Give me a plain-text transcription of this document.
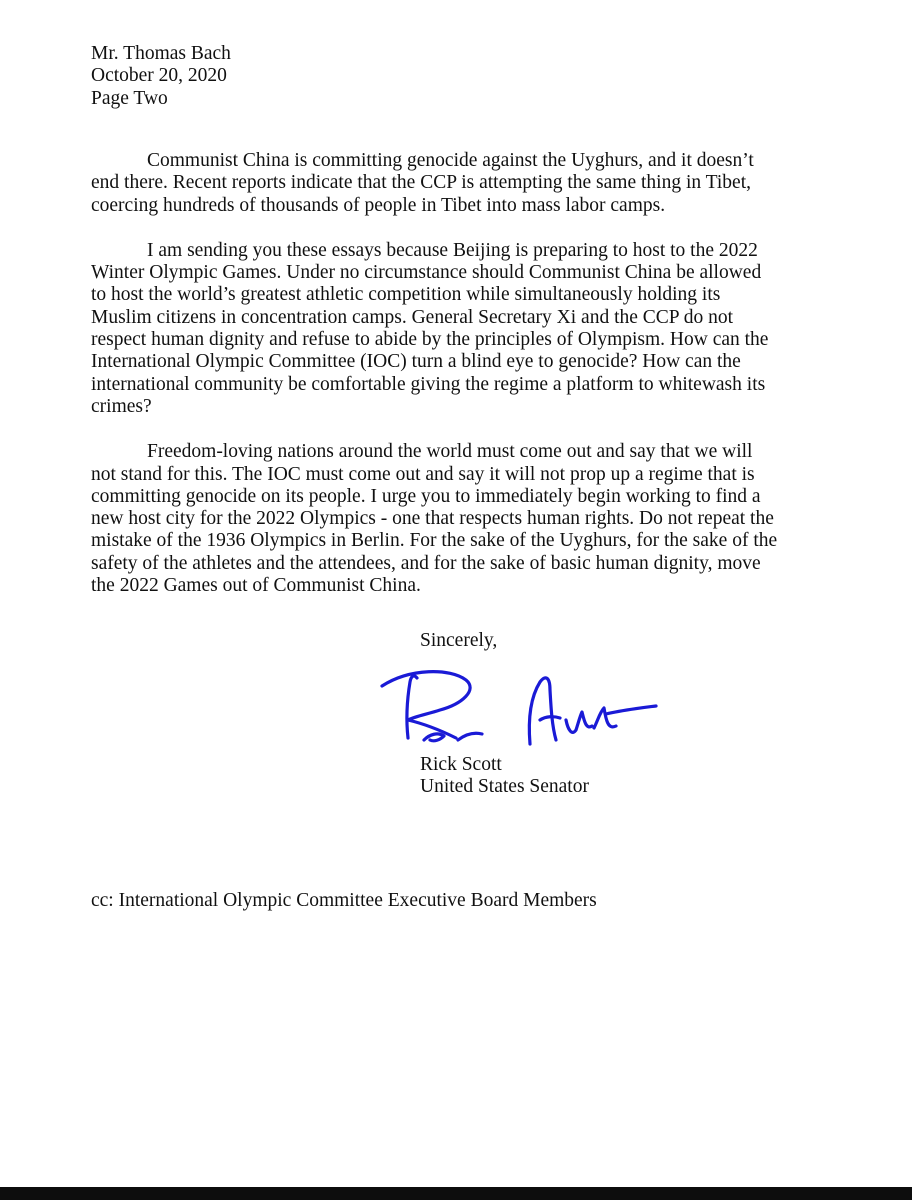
Mr. Thomas Bach
October 20, 2020
Page Two

Communist China is committing genocide against the Uyghurs, and it doesn’t
end there. Recent reports indicate that the CCP is attempting the same thing in Tibet,
coercing hundreds of thousands of people in Tibet into mass labor camps.

I am sending you these essays because Beijing is preparing to host to the 2022
Winter Olympic Games. Under no circumstance should Communist China be allowed
to host the world’s greatest athletic competition while simultaneously holding its
Muslim citizens in concentration camps. General Secretary Xi and the CCP do not
respect human dignity and refuse to abide by the principles of Olympism. How can the
International Olympic Committee (IOC) turn a blind eye to genocide? How can the
international community be comfortable giving the regime a platform to whitewash its
crimes?

Freedom-loving nations around the world must come out and say that we will
not stand for this. The IOC must come out and say it will not prop up a regime that is
committing genocide on its people. I urge you to immediately begin working to find a
new host city for the 2022 Olympics - one that respects human rights. Do not repeat the
mistake of the 1936 Olympics in Berlin. For the sake of the Uyghurs, for the sake of the
safety of the athletes and the attendees, and for the sake of basic human dignity, move
the 2022 Games out of Communist China.

Sincerely,
Rick Scott
United States Senator
cc: International Olympic Committee Executive Board Members
